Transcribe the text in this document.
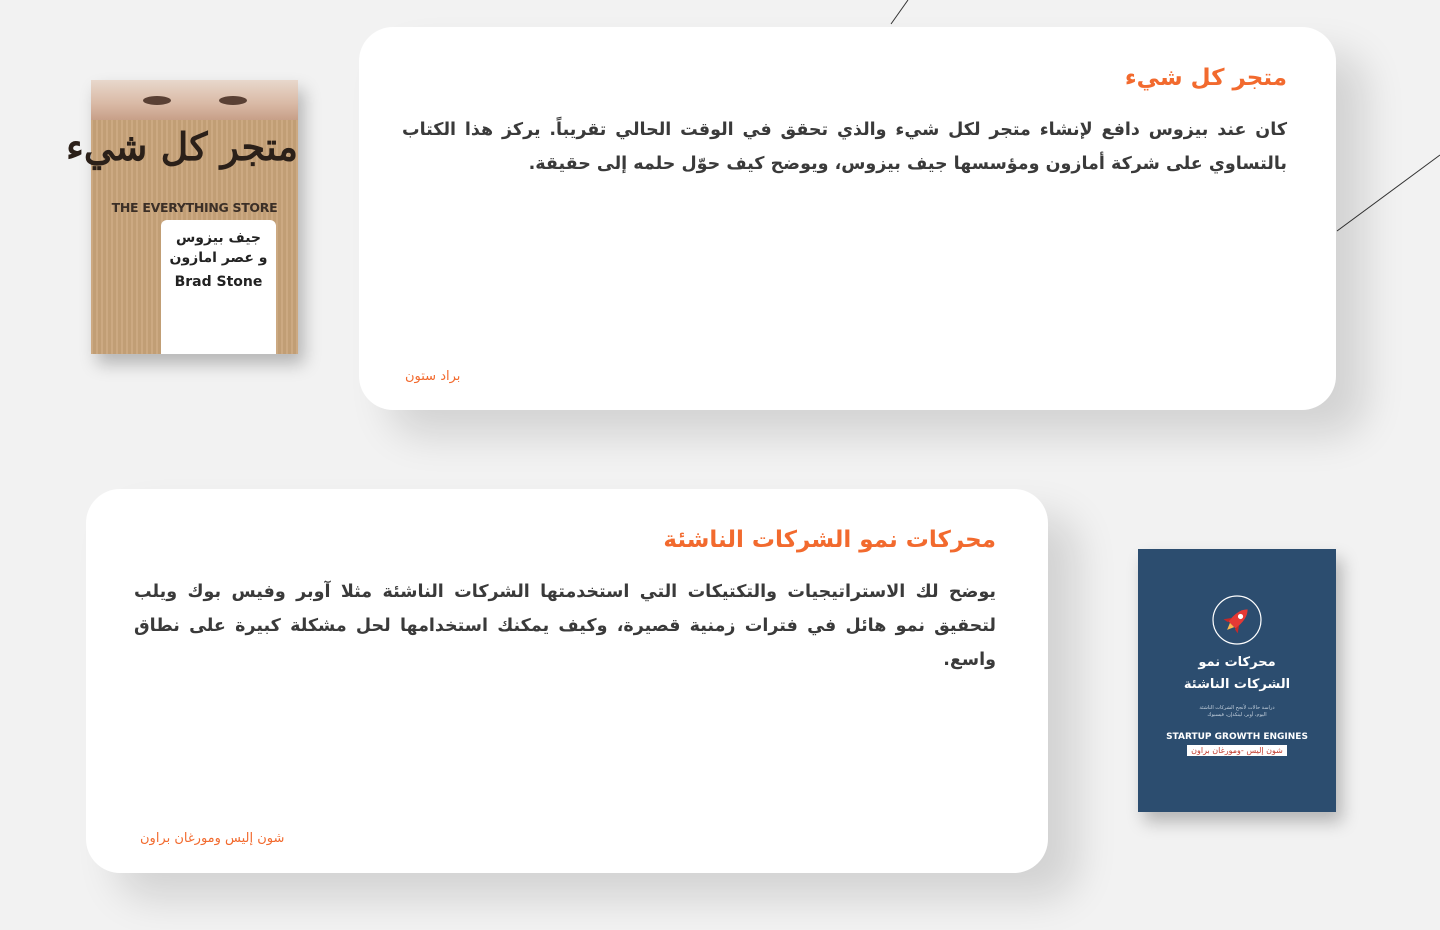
متجر كل شيء
THE EVERYTHING STORE
جيف بيزوس
و عصر امازون
Brad Stone
متجر كل شيء

كان عند بيزوس دافع لإنشاء متجر لكل شيء والذي تحقق في الوقت الحالي تقريباً. يركز هذا الكتاب بالتساوي على شركة أمازون ومؤسسها جيف بيزوس، ويوضح كيف حوّل حلمه إلى حقيقة.

براد ستون
محركات نمو الشركات الناشئة

يوضح لك الاستراتيجيات والتكتيكات التي استخدمتها الشركات الناشئة مثلا آوبر وفيس بوك ويلب لتحقيق نمو هائل في فترات زمنية قصيرة، وكيف يمكنك استخدامها لحل مشكلة كبيرة على نطاق واسع.

شون إليس ومورغان براون
محركات نمو
الشركات الناشئة
دراسة حالات لأنجح الشركات الناشئة
اليوم، أوبر، لينكدإن، فيسبوك
STARTUP GROWTH ENGINES
شون إليس -ومورغان براون
